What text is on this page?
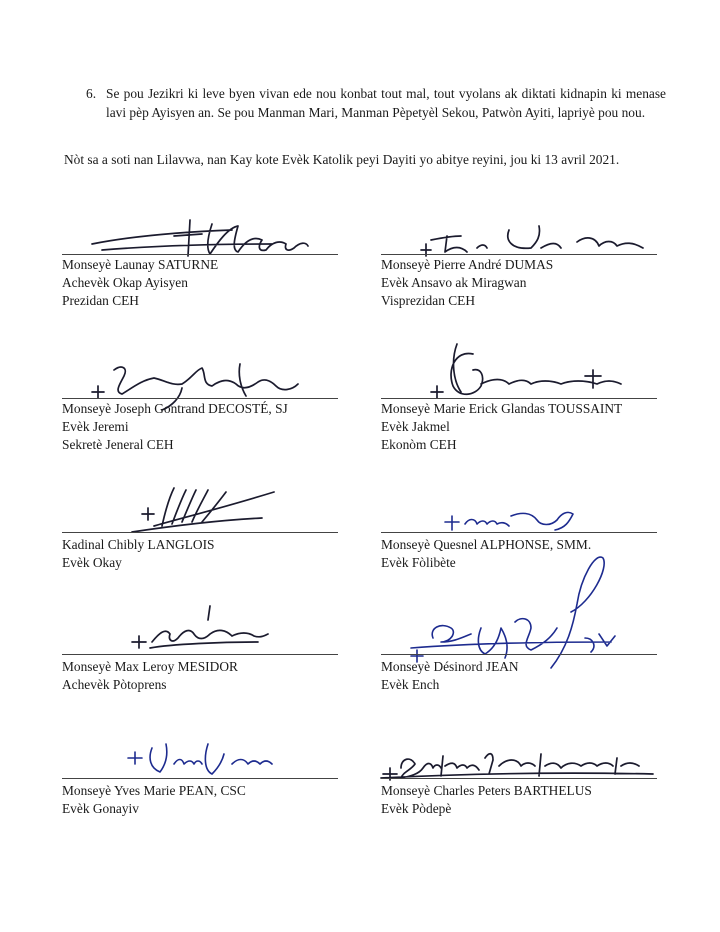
6. Se pou Jezikri ki leve byen vivan ede nou konbat tout mal, tout vyolans ak diktati kidnapin ki menase lavi pèp Ayisyen an. Se pou Manman Mari, Manman Pèpetyèl Sekou, Patwòn Ayiti, lapriyè pou nou.
Nòt sa a soti nan Lilavwa, nan Kay kote Evèk Katolik peyi Dayiti yo abitye reyini, jou ki 13 avril 2021.
Monseyè Launay SATURNE
Achevèk Okap Ayisyen
Prezidan CEH
Monseyè Pierre André DUMAS
Evèk Ansavo ak Miragwan
Visprezidan CEH
Monseyè Joseph Gontrand DECOSTÉ, SJ
Evèk Jeremi
Sekretè Jeneral CEH
Monseyè Marie Erick Glandas TOUSSAINT
Evèk Jakmel
Ekonòm CEH
Kadinal Chibly LANGLOIS
Evèk Okay
Monseyè Quesnel ALPHONSE, SMM.
Evèk Fòlibète
Monseyè Max Leroy MESIDOR
Achevèk Pòtoprens
Monseyè Désinord JEAN
Evèk Ench
Monseyè Yves Marie PEAN, CSC
Evèk Gonayiv
Monseyè Charles Peters BARTHELUS
Evèk Pòdepè
